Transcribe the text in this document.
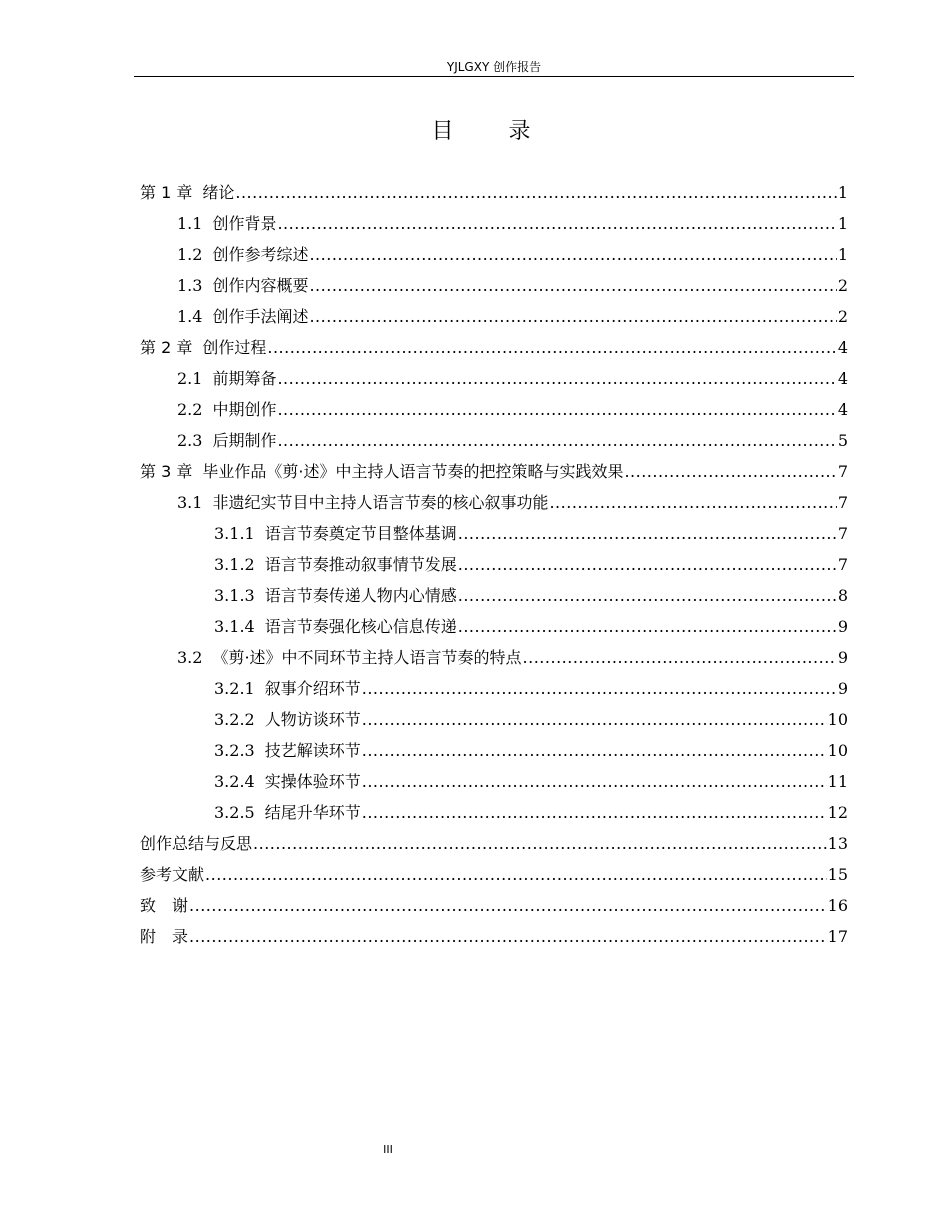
YJLGXY 创作报告
目 录
第 1 章 绪论 .....	1
1.1 创作背景 .....	1
1.2 创作参考综述 .....	1
1.3 创作内容概要 .....	2
1.4 创作手法阐述 .....	2
第 2 章 创作过程 .....	4
2.1 前期筹备 .....	4
2.2 中期创作 .....	4
2.3 后期制作 .....	5
第 3 章 毕业作品《剪·述》中主持人语言节奏的把控策略与实践效果 .....	7
3.1 非遗纪实节目中主持人语言节奏的核心叙事功能 .....	7
3.1.1 语言节奏奠定节目整体基调 .....	7
3.1.2 语言节奏推动叙事情节发展 .....	7
3.1.3 语言节奏传递人物内心情感 .....	8
3.1.4 语言节奏强化核心信息传递 .....	9
3.2 《剪·述》中不同环节主持人语言节奏的特点 .....	9
3.2.1 叙事介绍环节 .....	9
3.2.2 人物访谈环节 .....	10
3.2.3 技艺解读环节 .....	10
3.2.4 实操体验环节 .....	11
3.2.5 结尾升华环节 .....	12
创作总结与反思 .....	13
参考文献 .....	15
致　谢 .....	16
附　录 .....	17
III
